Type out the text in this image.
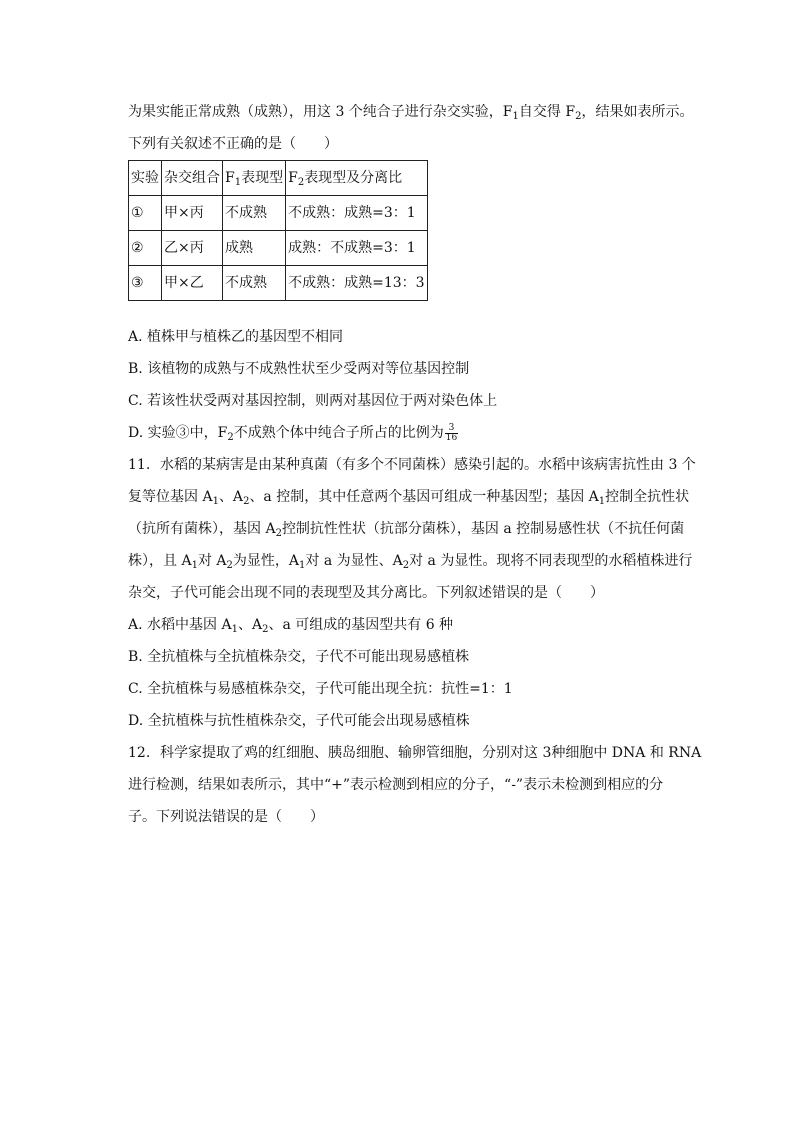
为果实能正常成熟（成熟），用这 3 个纯合子进行杂交实验，$F_1$自交得 $F_2$，结果如表所示。

下列有关叙述不正确的是（　　）

实验	杂交组合	$F_1$表现型	$F_2$表现型及分离比
①	甲×丙	不成熟	不成熟：成熟=3：1
②	乙×丙	成熟	成熟：不成熟=3：1
③	甲×乙	不成熟	不成熟：成熟=13：3

A. 植株甲与植株乙的基因型不相同

B. 该植物的成熟与不成熟性状至少受两对等位基因控制

C. 若该性状受两对基因控制，则两对基因位于两对染色体上

D. 实验③中，$F_2$不成熟个体中纯合子所占的比例为 $\frac{3}{16}$

11. 水稻的某病害是由某种真菌（有多个不同菌株）感染引起的。水稻中该病害抗性由 3 个

复等位基因 $A_1$、$A_2$、a 控制，其中任意两个基因可组成一种基因型；基因 $A_1$控制全抗性状

（抗所有菌株），基因 $A_2$控制抗性性状（抗部分菌株），基因 a 控制易感性状（不抗任何菌

株），且 $A_1$对 $A_2$为显性，$A_1$对 a 为显性、$A_2$对 a 为显性。现将不同表现型的水稻植株进行

杂交，子代可能会出现不同的表现型及其分离比。下列叙述错误的是（　　）

A. 水稻中基因 $A_1$、$A_2$、a 可组成的基因型共有 6 种

B. 全抗植株与全抗植株杂交，子代不可能出现易感植株

C. 全抗植株与易感植株杂交，子代可能出现全抗：抗性=1：1

D. 全抗植株与抗性植株杂交，子代可能会出现易感植株

12. 科学家提取了鸡的红细胞、胰岛细胞、输卵管细胞，分别对这 3种细胞中 DNA 和 RNA

进行检测，结果如表所示，其中“+”表示检测到相应的分子，“-”表示未检测到相应的分

子。下列说法错误的是（　　）
